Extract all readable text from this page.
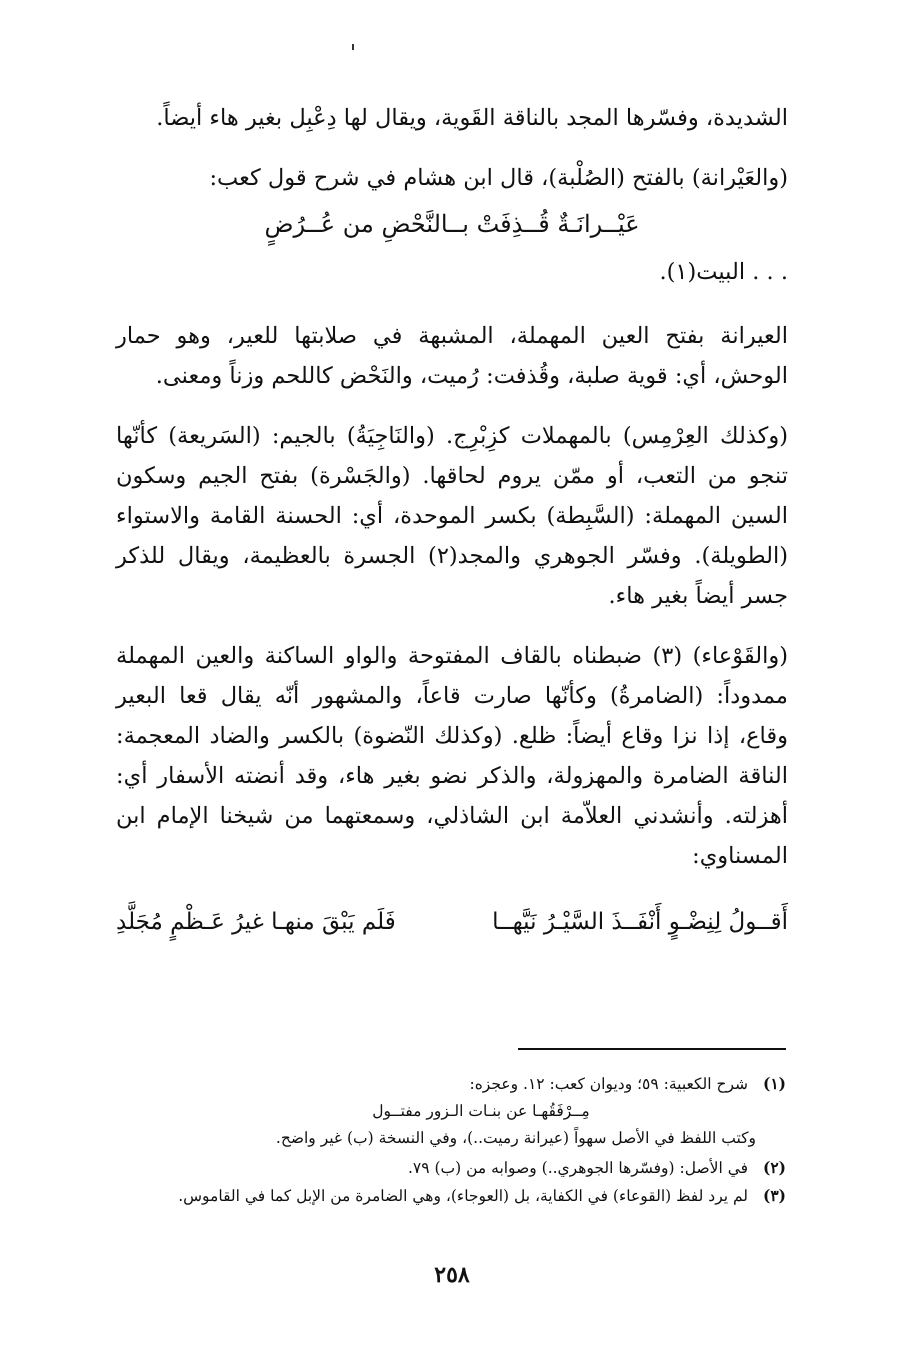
الشديدة، وفسّرها المجد بالناقة القَوية، ويقال لها دِعْبِل بغير هاء أيضاً.

(والعَيْرانة) بالفتح (الصُلْبة)، قال ابن هشام في شرح قول كعب:

عَيْــرانَـةٌ قُــذِفَتْ بــالنَّحْضِ من عُــرُضٍ

. . . البيت(١).

العيرانة بفتح العين المهملة، المشبهة في صلابتها للعير، وهو حمار الوحش، أي: قوية صلبة، وقُذفت: رُميت، والنَحْض كاللحم وزناً ومعنى.

(وكذلك العِرْمِس) بالمهملات كزِبْرِج. (والنَاجِيَةُ) بالجيم: (السَريعة) كأنّها تنجو من التعب، أو ممّن يروم لحاقها. (والجَسْرة) بفتح الجيم وسكون السين المهملة: (السَّبِطة) بكسر الموحدة، أي: الحسنة القامة والاستواء (الطويلة). وفسّر الجوهري والمجد(٢) الجسرة بالعظيمة، ويقال للذكر جسر أيضاً بغير هاء.

(والقَوْعاء) (٣) ضبطناه بالقاف المفتوحة والواو الساكنة والعين المهملة ممدوداً: (الضامرةُ) وكأنّها صارت قاعاً، والمشهور أنّه يقال قعا البعير وقاع، إذا نزا وقاع أيضاً: ظلع. (وكذلك النّضوة) بالكسر والضاد المعجمة: الناقة الضامرة والمهزولة، والذكر نضو بغير هاء، وقد أنضته الأسفار أي: أهزلته. وأنشدني العلاّمة ابن الشاذلي، وسمعتهما من شيخنا الإمام ابن المسناوي:

أَقــولُ لِنِضْـوٍ أَنْفَــذَ السَّيْـرُ نَيَّهــا
فَلَم يَبْقَ منهـا غيرُ عَـظْمٍ مُجَلَّدِ

(١) شرح الكعبية: ٥٩؛ وديوان كعب: ١٢. وعجزه:

مِــرْفَقُهـا عن بنـات الـزور مفتــول

وكتب اللفظ في الأصل سهواً (عيرانة رميت..)، وفي النسخة (ب) غير واضح.

(٢) في الأصل: (وفسّرها الجوهري..) وصوابه من (ب) ٧٩.

(٣) لم يرد لفظ (القوعاء) في الكفاية، بل (العوجاء)، وهي الضامرة من الإبل كما في القاموس.

٢٥٨
